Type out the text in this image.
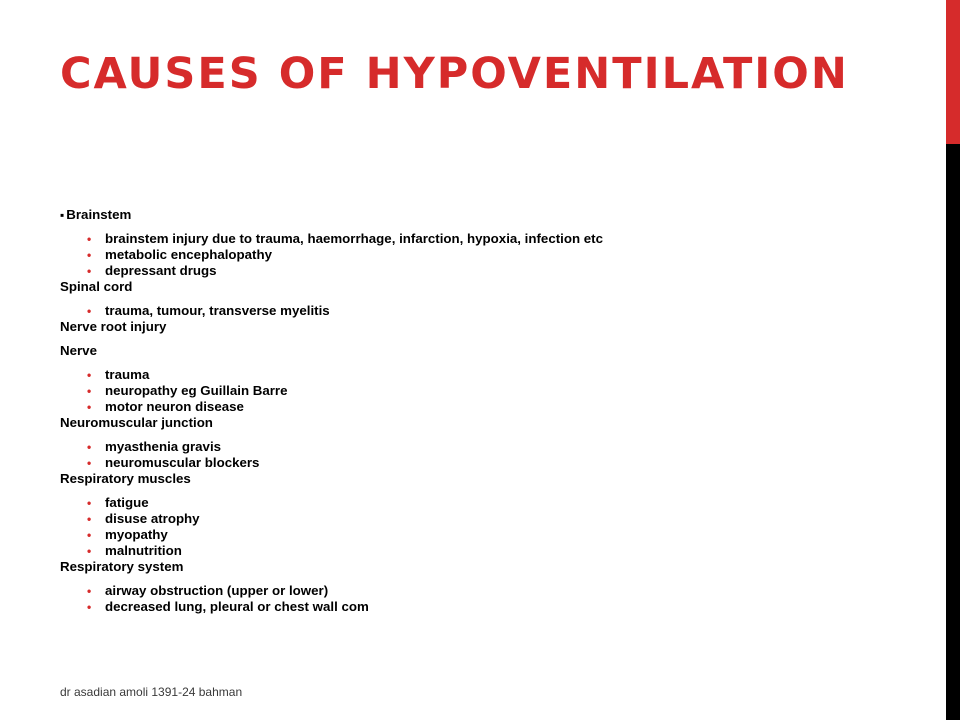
CAUSES OF HYPOVENTILATION
▪ Brainstem
• brainstem injury due to trauma, haemorrhage, infarction, hypoxia, infection etc
• metabolic encephalopathy
• depressant drugs
Spinal cord
• trauma, tumour, transverse myelitis
Nerve root injury
Nerve
• trauma
• neuropathy eg Guillain Barre
• motor neuron disease
Neuromuscular junction
• myasthenia gravis
• neuromuscular blockers
Respiratory muscles
• fatigue
• disuse atrophy
• myopathy
• malnutrition
Respiratory system
• airway obstruction (upper or lower)
• decreased lung, pleural or chest wall com
dr asadian amoli 1391-24 bahman
